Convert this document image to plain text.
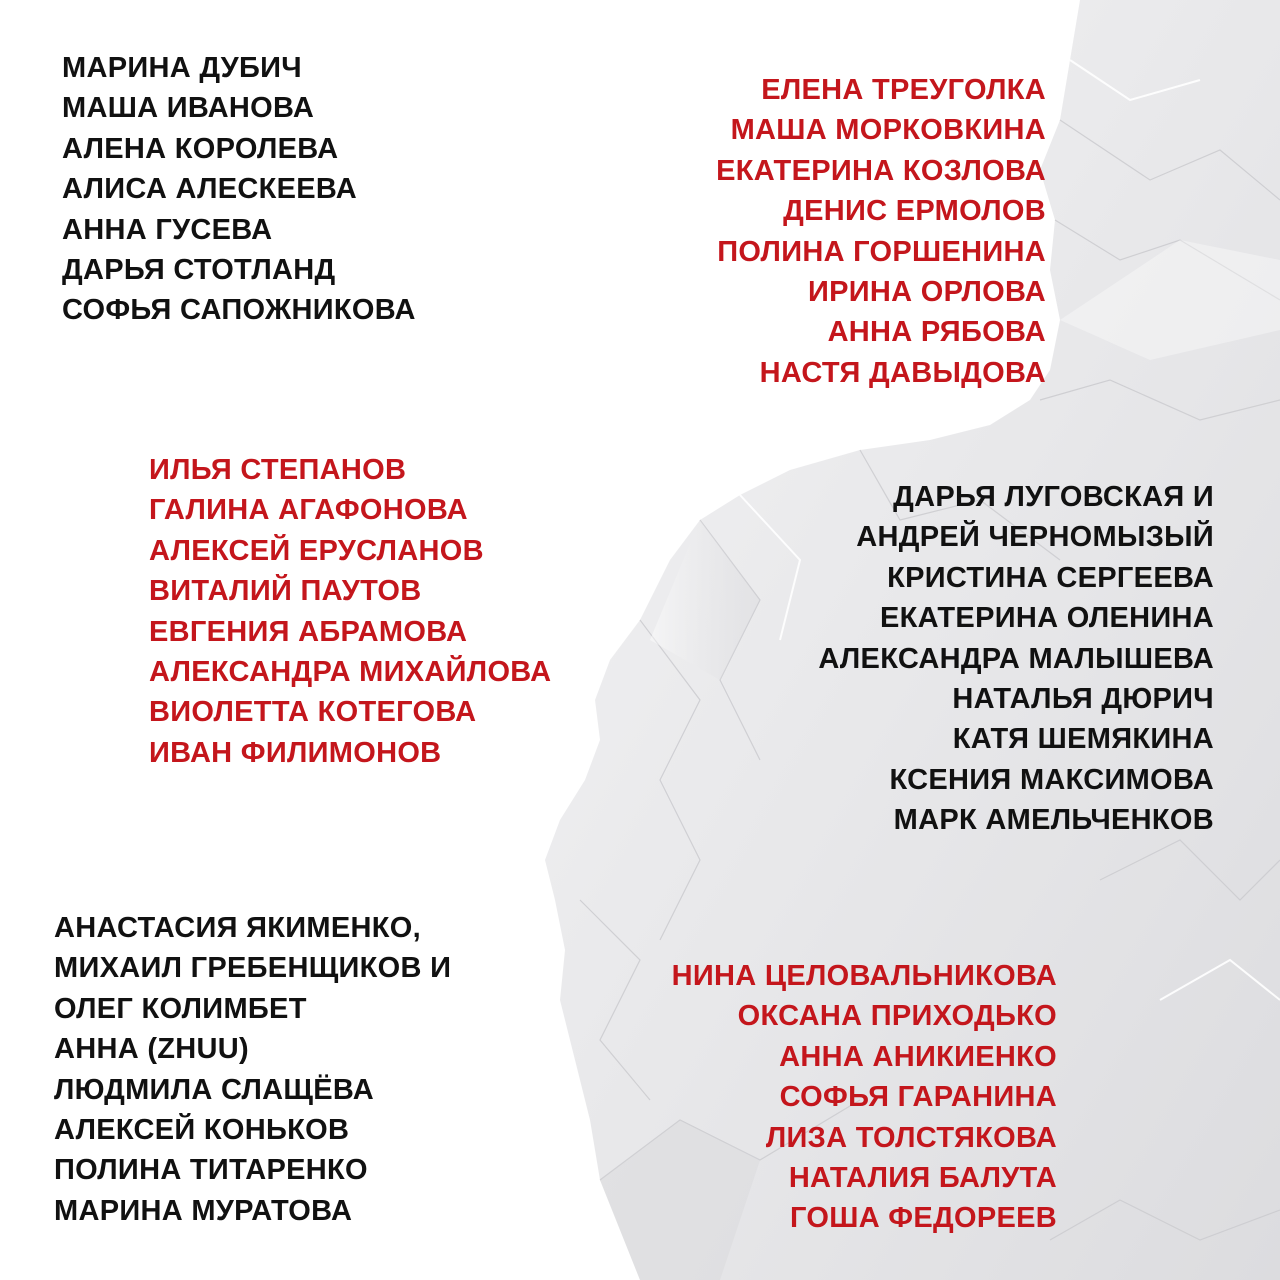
МАРИНА ДУБИЧ
МАША ИВАНОВА
АЛЕНА КОРОЛЕВА
АЛИСА АЛЕСКЕЕВА
АННА ГУСЕВА
ДАРЬЯ СТОТЛАНД
СОФЬЯ САПОЖНИКОВА
ЕЛЕНА ТРЕУГОЛКА
МАША МОРКОВКИНА
ЕКАТЕРИНА КОЗЛОВА
ДЕНИС ЕРМОЛОВ
ПОЛИНА ГОРШЕНИНА
ИРИНА ОРЛОВА
АННА РЯБОВА
НАСТЯ ДАВЫДОВА
ИЛЬЯ СТЕПАНОВ
ГАЛИНА АГАФОНОВА
АЛЕКСЕЙ ЕРУСЛАНОВ
ВИТАЛИЙ ПАУТОВ
ЕВГЕНИЯ АБРАМОВА
АЛЕКСАНДРА МИХАЙЛОВА
ВИОЛЕТТА КОТЕГОВА
ИВАН ФИЛИМОНОВ
ДАРЬЯ ЛУГОВСКАЯ И
АНДРЕЙ ЧЕРНОМЫЗЫЙ
КРИСТИНА СЕРГЕЕВА
ЕКАТЕРИНА ОЛЕНИНА
АЛЕКСАНДРА МАЛЫШЕВА
НАТАЛЬЯ ДЮРИЧ
КАТЯ ШЕМЯКИНА
КСЕНИЯ МАКСИМОВА
МАРК АМЕЛЬЧЕНКОВ
АНАСТАСИЯ ЯКИМЕНКО,
МИХАИЛ ГРЕБЕНЩИКОВ И
ОЛЕГ КОЛИМБЕТ
АННА (ZHUU)
ЛЮДМИЛА СЛАЩЁВА
АЛЕКСЕЙ КОНЬКОВ
ПОЛИНА ТИТАРЕНКО
МАРИНА МУРАТОВА
НИНА ЦЕЛОВАЛЬНИКОВА
ОКСАНА ПРИХОДЬКО
АННА АНИКИЕНКО
СОФЬЯ ГАРАНИНА
ЛИЗА ТОЛСТЯКОВА
НАТАЛИЯ БАЛУТА
ГОША ФЕДОРЕЕВ
